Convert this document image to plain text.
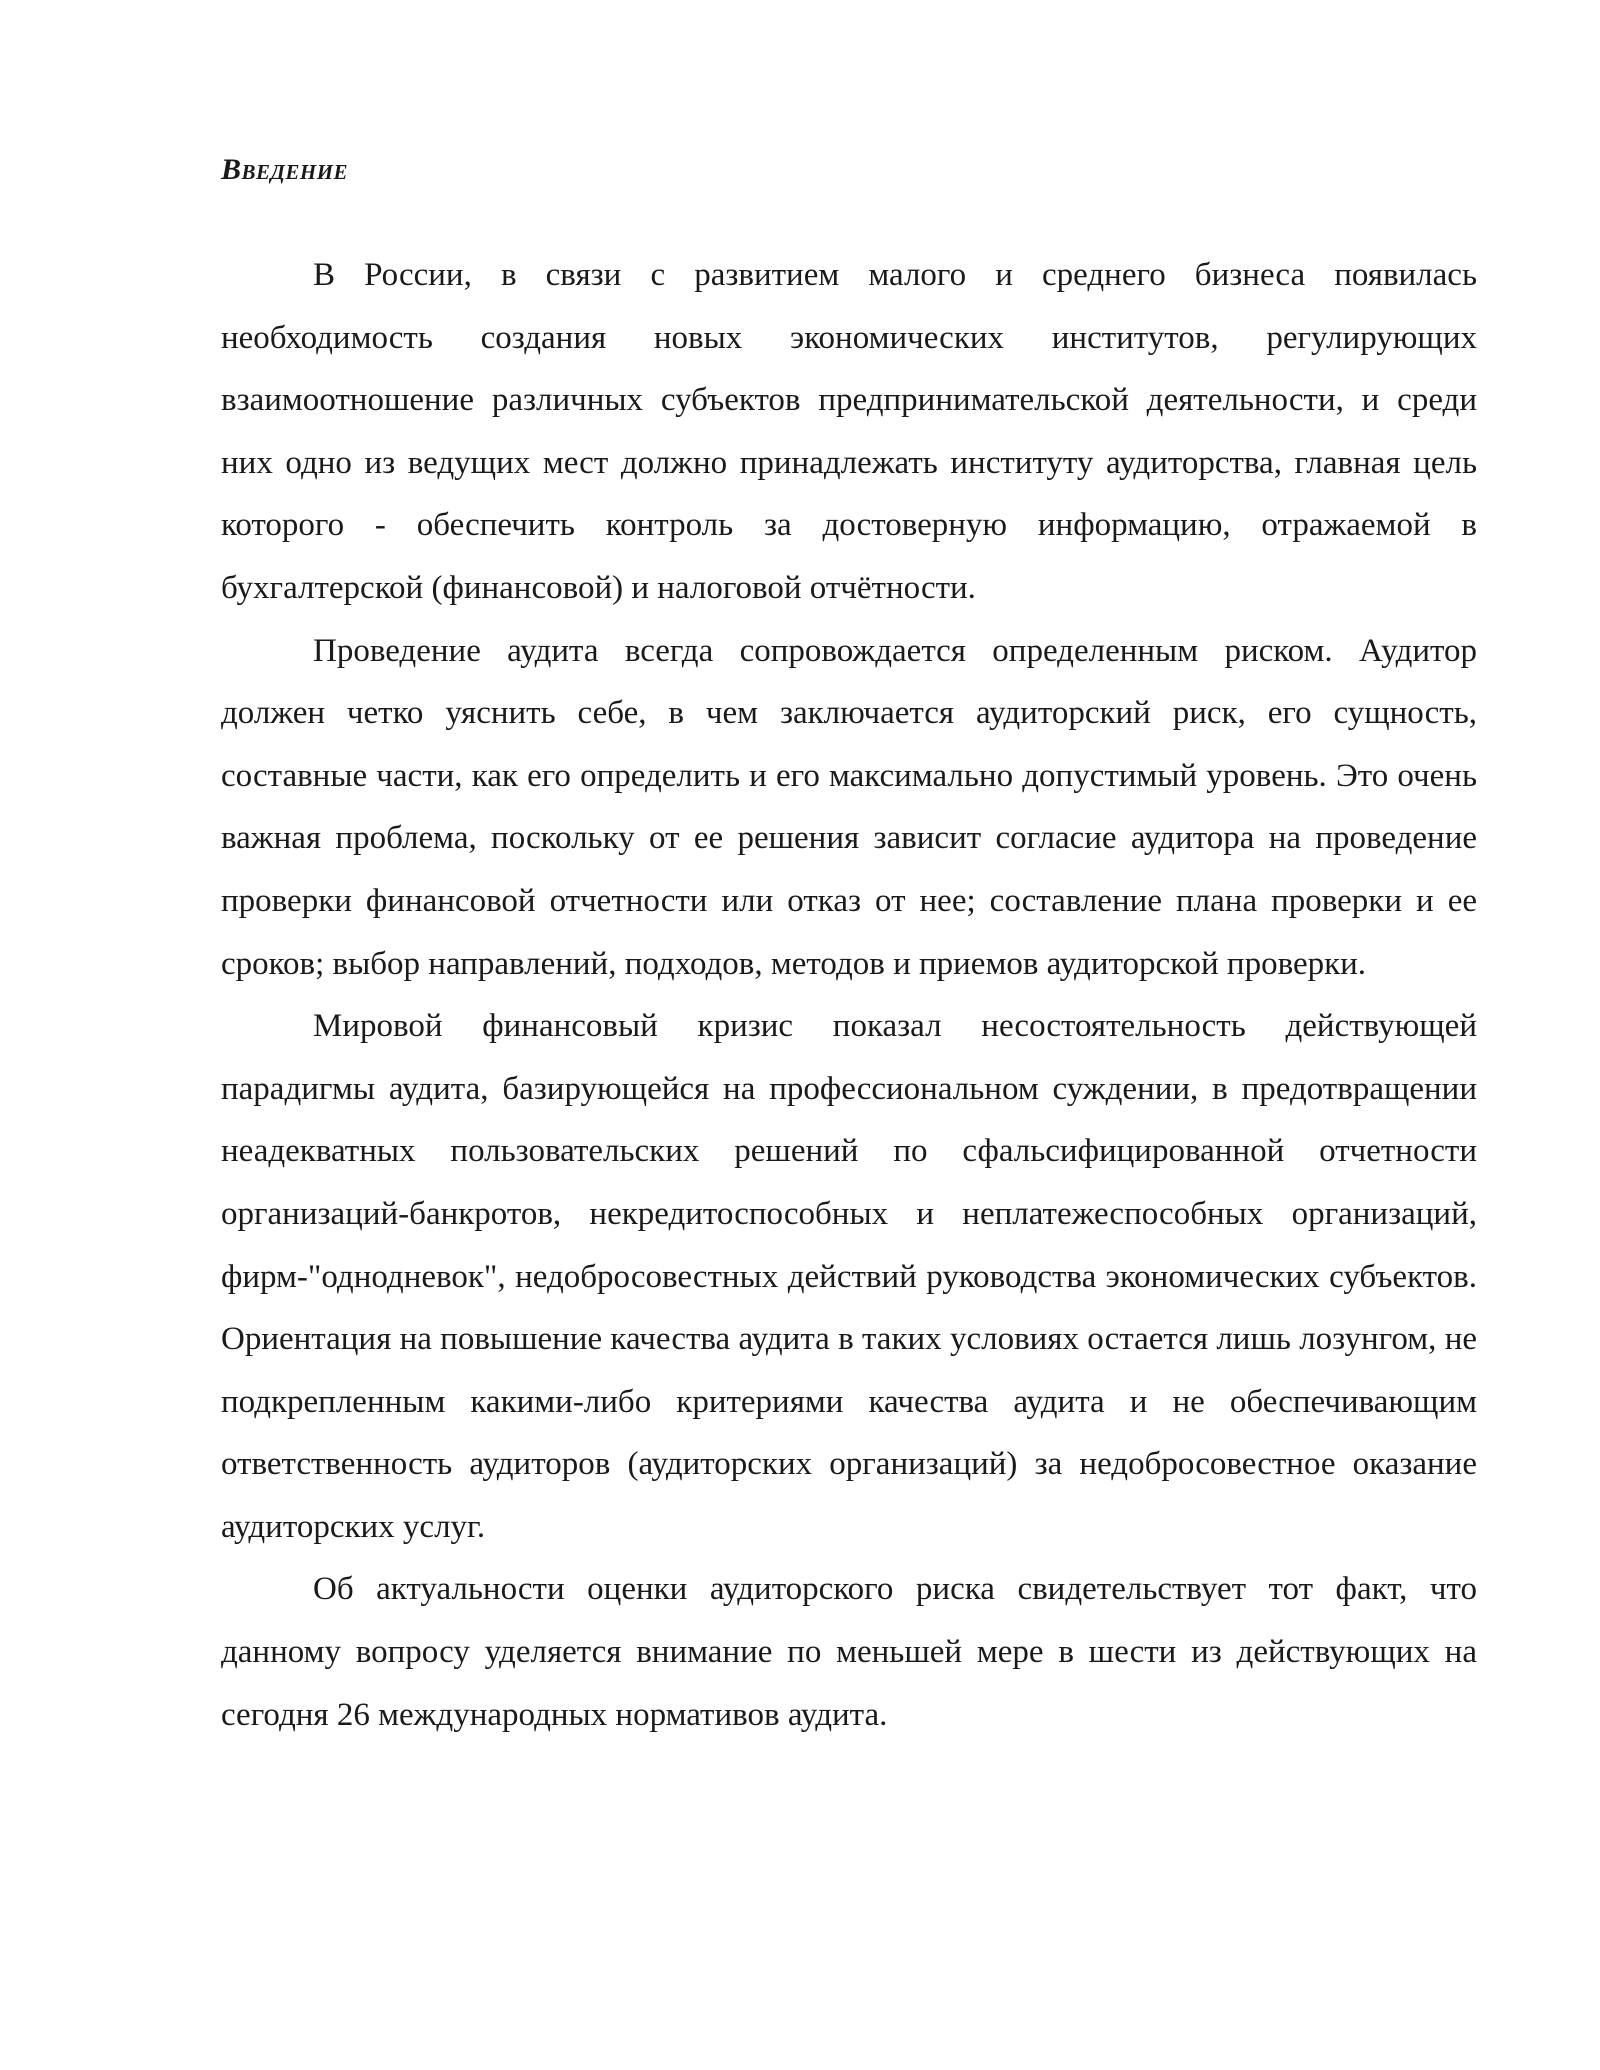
Введение

В России, в связи с развитием малого и среднего бизнеса появилась необходимость создания новых экономических институтов, регулирующих взаимоотношение различных субъектов предпринимательской деятельности, и среди них одно из ведущих мест должно принадлежать институту аудиторства, главная цель которого - обеспечить контроль за достоверную информацию, отражаемой в бухгалтерской (финансовой) и налоговой отчётности.

Проведение аудита всегда сопровождается определенным риском. Аудитор должен четко уяснить себе, в чем заключается аудиторский риск, его сущность, составные части, как его определить и его максимально допустимый уровень. Это очень важная проблема, поскольку от ее решения зависит согласие аудитора на проведение проверки финансовой отчетности или отказ от нее; составление плана проверки и ее сроков; выбор направлений, подходов, методов и приемов аудиторской проверки.

Мировой финансовый кризис показал несостоятельность действующей парадигмы аудита, базирующейся на профессиональном суждении, в предотвращении неадекватных пользовательских решений по сфальсифицированной отчетности организаций-банкротов, некредитоспособных и неплатежеспособных организаций, фирм-"однодневок", недобросовестных действий руководства экономических субъектов. Ориентация на повышение качества аудита в таких условиях остается лишь лозунгом, не подкрепленным какими-либо критериями качества аудита и не обеспечивающим ответственность аудиторов (аудиторских организаций) за недобросовестное оказание аудиторских услуг.

Об актуальности оценки аудиторского риска свидетельствует тот факт, что данному вопросу уделяется внимание по меньшей мере в шести из действующих на сегодня 26 международных нормативов аудита.
